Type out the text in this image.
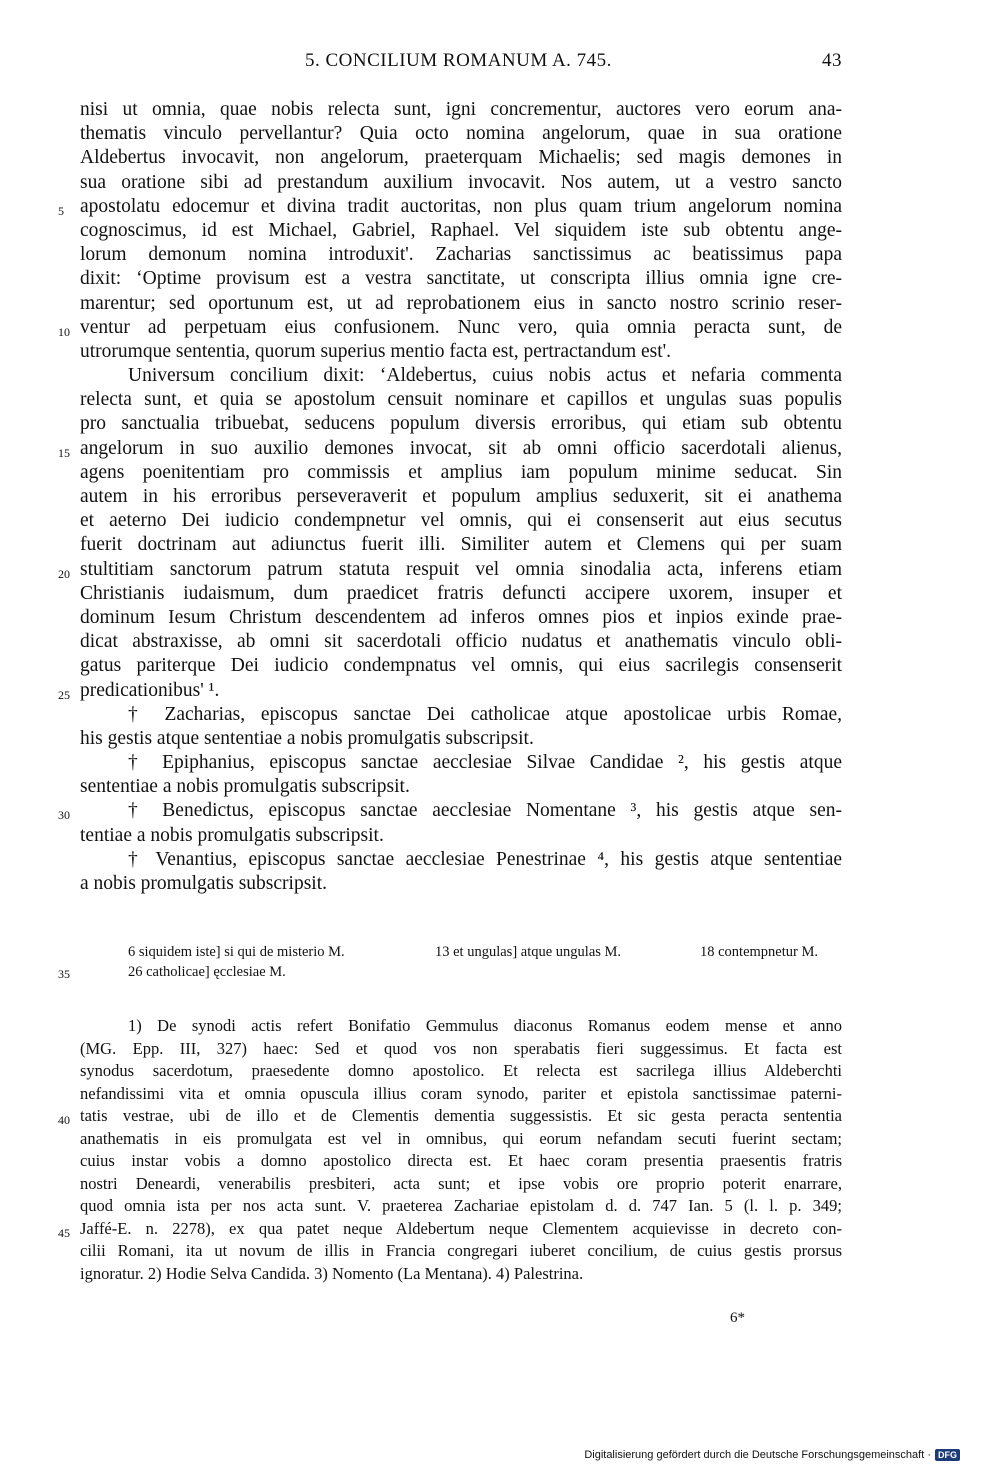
5. CONCILIUM ROMANUM A. 745.	43
nisi ut omnia, quae nobis relecta sunt, igni concrementur, auctores vero eorum ana-
thematis vinculo pervellantur? Quia octo nomina angelorum, quae in sua oratione
Aldebertus invocavit, non angelorum, praeterquam Michaelis; sed magis demones in
sua oratione sibi ad prestandum auxilium invocavit. Nos autem, ut a vestro sancto
apostolatu edocemur et divina tradit auctoritas, non plus quam trium angelorum nomina
5
cognoscimus, id est Michael, Gabriel, Raphael. Vel siquidem iste sub obtentu ange-
lorum demonum nomina introduxit'. Zacharias sanctissimus ac beatissimus papa
dixit: ‘Optime provisum est a vestra sanctitate, ut conscripta illius omnia igne cre-
marentur; sed oportunum est, ut ad reprobationem eius in sancto nostro scrinio reser-
ventur ad perpetuam eius confusionem. Nunc vero, quia omnia peracta sunt, de
10
utrorumque sententia, quorum superius mentio facta est, pertractandum est'.
Universum concilium dixit: ‘Aldebertus, cuius nobis actus et nefaria commenta
relecta sunt, et quia se apostolum censuit nominare et capillos et ungulas suas populis
pro sanctualia tribuebat, seducens populum diversis erroribus, qui etiam sub obtentu
angelorum in suo auxilio demones invocat, sit ab omni officio sacerdotali alienus,
15
agens poenitentiam pro commissis et amplius iam populum minime seducat. Sin
autem in his erroribus perseveraverit et populum amplius seduxerit, sit ei anathema
et aeterno Dei iudicio condempnetur vel omnis, qui ei consenserit aut eius secutus
fuerit doctrinam aut adiunctus fuerit illi. Similiter autem et Clemens qui per suam
stultitiam sanctorum patrum statuta respuit vel omnia sinodalia acta, inferens etiam
20
Christianis iudaismum, dum praedicet fratris defuncti accipere uxorem, insuper et
dominum Iesum Christum descendentem ad inferos omnes pios et inpios exinde prae-
dicat abstraxisse, ab omni sit sacerdotali officio nudatus et anathematis vinculo obli-
gatus pariterque Dei iudicio condempnatus vel omnis, qui eius sacrilegis consenserit
predicationibus' ¹.
25
† Zacharias, episcopus sanctae Dei catholicae atque apostolicae urbis Romae,
his gestis atque sententiae a nobis promulgatis subscripsit.
† Epiphanius, episcopus sanctae aecclesiae Silvae Candidae ², his gestis atque
sententiae a nobis promulgatis subscripsit.
† Benedictus, episcopus sanctae aecclesiae Nomentane ³, his gestis atque sen-
30
tentiae a nobis promulgatis subscripsit.
† Venantius, episcopus sanctae aecclesiae Penestrinae ⁴, his gestis atque sententiae
a nobis promulgatis subscripsit.
6 siquidem iste] si qui de misterio M.	13 et ungulas] atque ungulas M.	18 contempnetur M.
35	26 catholicae] ęcclesiae M.
1) De synodi actis refert Bonifatio Gemmulus diaconus Romanus eodem mense et anno
(MG. Epp. III, 327) haec: Sed et quod vos non sperabatis fieri suggessimus. Et facta est
synodus sacerdotum, praesedente domno apostolico. Et relecta est sacrilega illius Aldeberchti
nefandissimi vita et omnia opuscula illius coram synodo, pariter et epistola sanctissimae paterni-
tatis vestrae, ubi de illo et de Clementis dementia suggessistis. Et sic gesta peracta sententia
40
anathematis in eis promulgata est vel in omnibus, qui eorum nefandam secuti fuerint sectam;
cuius instar vobis a domno apostolico directa est. Et haec coram presentia praesentis fratris
nostri Deneardi, venerabilis presbiteri, acta sunt; et ipse vobis ore proprio poterit enarrare,
quod omnia ista per nos acta sunt. V. praeterea Zachariae epistolam d. d. 747 Ian. 5 (l. l. p. 349;
Jaffé-E. n. 2278), ex qua patet neque Aldebertum neque Clementem acquievisse in decreto con-
45
cilii Romani, ita ut novum de illis in Francia congregari iuberet concilium, de cuius gestis prorsus
ignoratur. 2) Hodie Selva Candida. 3) Nomento (La Mentana). 4) Palestrina.
6*
Digitalisierung gefördert durch die Deutsche Forschungsgemeinschaft · DFG
